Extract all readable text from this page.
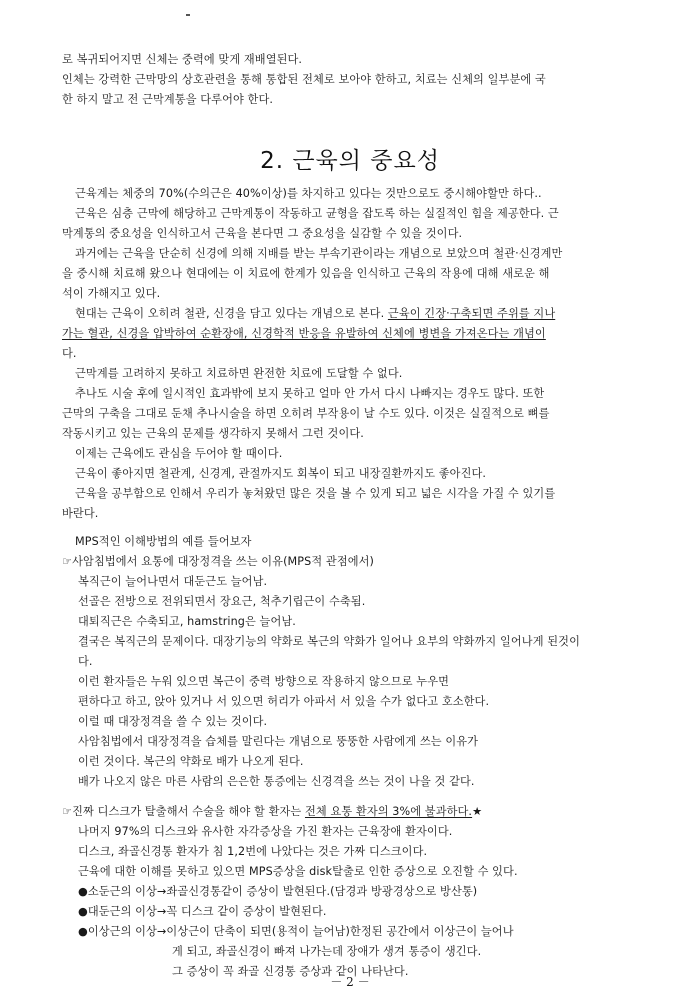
로 복귀되어지면 신체는 중력에 맞게 재배열된다.
인체는 강력한 근막망의 상호관련을 통해 통합된 전체로 보아야 한하고, 치료는 신체의 일부분에 국
한 하지 말고 전 근막계통을 다루어야 한다.
2. 근육의 중요성
근육계는 체중의 70%(수의근은 40%이상)를 차지하고 있다는 것만으로도 중시해야할만 하다..
근육은 심층 근막에 해당하고 근막계통이 작동하고 균형을 잡도록 하는 실질적인 힘을 제공한다. 근
막계통의 중요성을 인식하고서 근육을 본다면 그 중요성을 실감할 수 있을 것이다.
과거에는 근육을 단순히 신경에 의해 지배를 받는 부속기관이라는 개념으로 보았으며 철관·신경계만
을 중시해 치료해 왔으나 현대에는 이 치료에 한계가 있음을 인식하고 근육의 작용에 대해 새로운 해
석이 가해지고 있다.
현대는 근육이 오히려 철관, 신경을 담고 있다는 개념으로 본다. 근육이 긴장·구축되면 주위를 지나
가는 혈관, 신경을 압박하여 순환장애, 신경학적 반응을 유발하여 신체에 병변을 가져온다는 개념이
다.
근막계를 고려하지 못하고 치료하면 완전한 치료에 도달할 수 없다.
추나도 시술 후에 일시적인 효과밖에 보지 못하고 얼마 안 가서 다시 나빠지는 경우도 많다. 또한
근막의 구축을 그대로 둔채 추나시술을 하면 오히려 부작용이 날 수도 있다. 이것은 실질적으로 뼈를
작동시키고 있는 근육의 문제를 생각하지 못해서 그런 것이다.
이제는 근육에도 관심을 두어야 할 때이다.
근육이 좋아지면 철관계, 신경계, 관절까지도 회복이 되고 내장질환까지도 좋아진다.
근육을 공부함으로 인해서 우리가 놓쳐왔던 많은 것을 볼 수 있게 되고 넓은 시각을 가질 수 있기를
바란다.
MPS적인 이해방법의 예를 들어보자
☞사암침법에서 요통에 대장정격을 쓰는 이유(MPS적 관점에서)
복직근이 늘어나면서 대둔근도 늘어남.
선골은 전방으로 전위되면서 장요근, 척추기립근이 수축됨.
대퇴직근은 수축되고, hamstring은 늘어남.
결국은 복직근의 문제이다. 대장기능의 약화로 복근의 약화가 일어나 요부의 약화까지 일어나게 된것이
다.
이런 환자들은 누워 있으면 복근이 중력 방향으로 작용하지 않으므로 누우면
편하다고 하고, 앉아 있거나 서 있으면 허리가 아파서 서 있을 수가 없다고 호소한다.
이럴 때 대장정격을 쓸 수 있는 것이다.
사암침법에서 대장정격을 습체를 말린다는 개념으로 뚱뚱한 사람에게 쓰는 이유가
이런 것이다. 복근의 약화로 배가 나오게 된다.
배가 나오지 않은 마른 사람의 은은한 통증에는 신경격을 쓰는 것이 나을 것 같다.
☞진짜 디스크가 탈출해서 수술을 해야 할 환자는 전체 요통 환자의 3%에 불과하다.★
나머지 97%의 디스크와 유사한 자각증상을 가진 환자는 근육장애 환자이다.
디스크, 좌골신경통 환자가 침 1,2번에 나았다는 것은 가짜 디스크이다.
근육에 대한 이해를 못하고 있으면 MPS증상을 disk탈출로 인한 증상으로 오진할 수 있다.
●소둔근의 이상→좌골신경통같이 증상이 발현된다.(담경과 방광경상으로 방산통)
●대둔근의 이상→꼭 디스크 같이 증상이 발현된다.
●이상근의 이상→이상근이 단축이 되면(용적이 늘어남)한정된 공간에서 이상근이 늘어나
게 되고, 좌골신경이 빠져 나가는데 장애가 생겨 통증이 생긴다.
그 증상이 꼭 좌골 신경통 증상과 같이 나타난다.
－ 2 －
